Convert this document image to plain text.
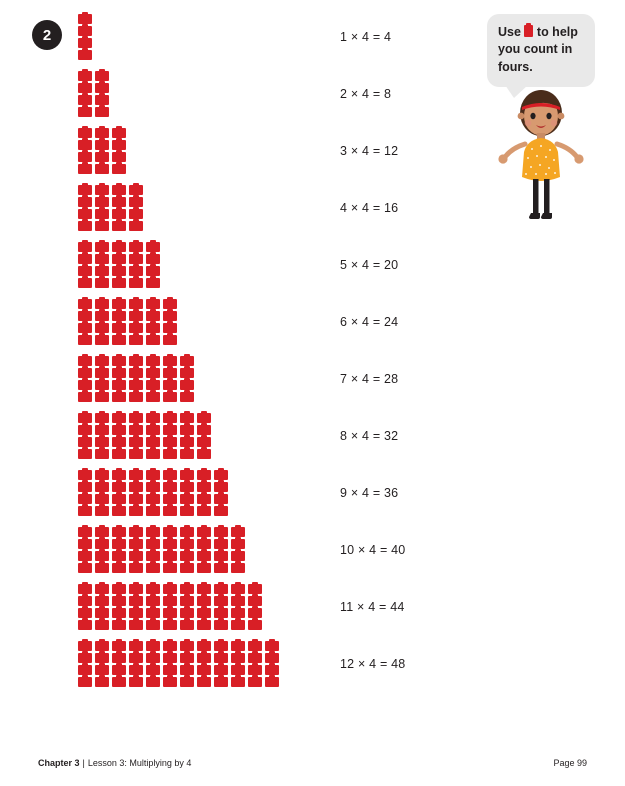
2	1 × 4 = 4
2 × 4 = 8
3 × 4 = 12
4 × 4 = 16
5 × 4 = 20
6 × 4 = 24
7 × 4 = 28
8 × 4 = 32
9 × 4 = 36
10 × 4 = 40
11 × 4 = 44
12 × 4 = 48
Use to help you count in fours.
Chapter 3 | Lesson 3: Multiplying by 4	Page 99
